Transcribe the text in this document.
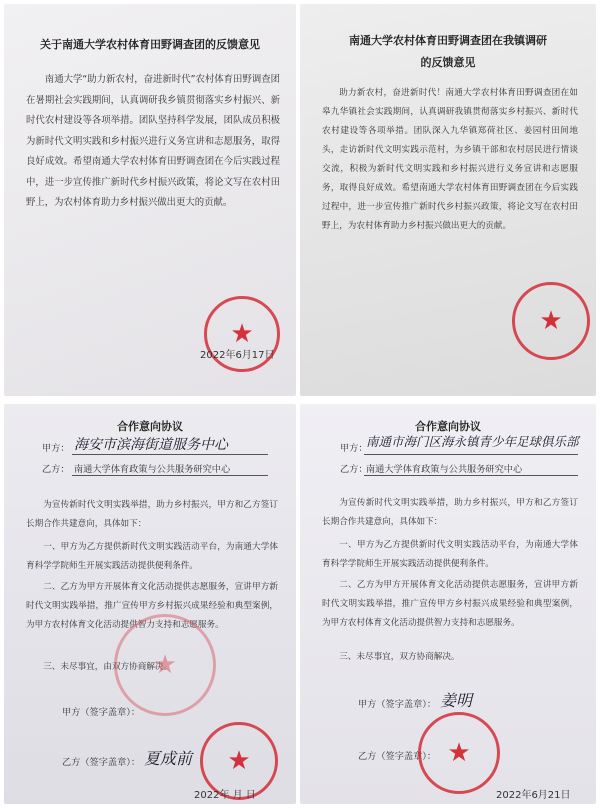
关于南通大学农村体育田野调查团的反馈意见

南通大学“助力新农村，奋进新时代”农村体育田野调查团在暑期社会实践期间，认真调研我乡镇贯彻落实乡村振兴、新时代农村建设等各项举措。团队坚持科学发展，团队成员积极为新时代文明实践和乡村振兴进行义务宣讲和志愿服务，取得良好成效。希望南通大学农村体育田野调查团在今后实践过程中，进一步宣传推广新时代乡村振兴政策，将论文写在农村田野上，为农村体育助力乡村振兴做出更大的贡献。

★
2022年6月17日
南通大学农村体育田野调查团在我镇调研
的反馈意见

助力新农村，奋进新时代！南通大学农村体育田野调查团在如皋九华镇社会实践期间，认真调研我镇贯彻落实乡村振兴、新时代农村建设等各项举措。团队深入九华镇郑荷社区、姜园村田间地头，走访新时代文明实践示范村，为乡镇干部和农村居民进行情谈交流，积极为新时代文明实践和乡村振兴进行义务宣讲和志愿服务，取得良好成效。希望南通大学农村体育田野调查团在今后实践过程中，进一步宣传推广新时代乡村振兴政策，将论文写在农村田野上，为农村体育助力乡村振兴做出更大的贡献。

★
合作意向协议
甲方： 海安市滨海街道服务中心
乙方： 南通大学体育政策与公共服务研究中心

为宣传新时代文明实践举措，助力乡村振兴，甲方和乙方签订长期合作共建意向，具体如下：

一、甲方为乙方提供新时代文明实践活动平台，为南通大学体育科学学院师生开展实践活动提供便利条件。

二、乙方为甲方开展体育文化活动提供志愿服务，宣讲甲方新时代文明实践举措，推广宣传甲方乡村振兴成果经验和典型案例，为甲方农村体育文化活动提供智力支持和志愿服务。

三、未尽事宜，由双方协商解决。

★
甲方（签字盖章）：
乙方（签字盖章）： 夏成前 ★
2022年 月 日
合作意向协议
甲方：
南通市海门区海永镇青少年足球俱乐部
乙方：
南通大学体育政策与公共服务研究中心

为宣传新时代文明实践举措，助力乡村振兴，甲方和乙方签订长期合作共建意向，具体如下：

一、甲方为乙方提供新时代文明实践活动平台，为南通大学体育科学学院师生开展实践活动提供便利条件。

二、乙方为甲方开展体育文化活动提供志愿服务，宣讲甲方新时代文明实践举措，推广宣传甲方乡村振兴成果经验和典型案例，为甲方农村体育文化活动提供智力支持和志愿服务。

三、未尽事宜，双方协商解决。

甲方（签字盖章）： 姜明
乙方（签字盖章）： ★
2022年6月21日
